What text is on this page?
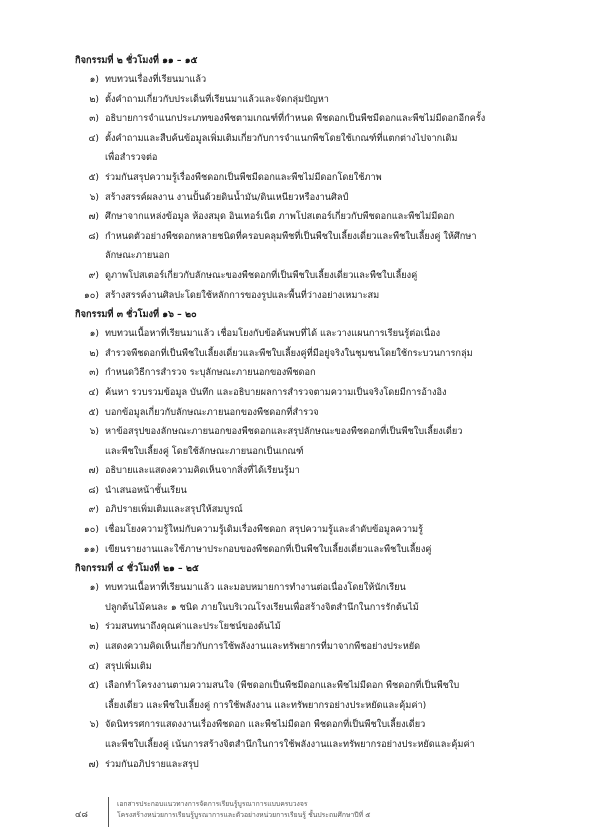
กิจกรรมที่ ๒ ชั่วโมงที่ ๑๑ – ๑๕

๑) ทบทวนเรื่องที่เรียนมาแล้ว
๒) ตั้งคำถามเกี่ยวกับประเด็นที่เรียนมาแล้วและจัดกลุ่มปัญหา
๓) อธิบายการจำแนกประเภทของพืชตามเกณฑ์ที่กำหนด พืชดอกเป็นพืชมีดอกและพืชไม่มีดอกอีกครั้ง
๔) ตั้งคำถามและสืบค้นข้อมูลเพิ่มเติมเกี่ยวกับการจำแนกพืชโดยใช้เกณฑ์ที่แตกต่างไปจากเดิม
เพื่อสำรวจต่อ
๕) ร่วมกันสรุปความรู้เรื่องพืชดอกเป็นพืชมีดอกและพืชไม่มีดอกโดยใช้ภาพ
๖) สร้างสรรค์ผลงาน งานปั้นด้วยดินน้ำมัน/ดินเหนียวหรืองานศิลป์
๗) ศึกษาจากแหล่งข้อมูล ห้องสมุด อินเทอร์เน็ต ภาพโปสเตอร์เกี่ยวกับพืชดอกและพืชไม่มีดอก
๘) กำหนดตัวอย่างพืชดอกหลายชนิดที่ครอบคลุมพืชที่เป็นพืชใบเลี้ยงเดี่ยวและพืชใบเลี้ยงคู่ ให้ศึกษา
ลักษณะภายนอก
๙) ดูภาพโปสเตอร์เกี่ยวกับลักษณะของพืชดอกที่เป็นพืชใบเลี้ยงเดี่ยวและพืชใบเลี้ยงคู่
๑๐) สร้างสรรค์งานศิลปะโดยใช้หลักการของรูปและพื้นที่ว่างอย่างเหมาะสม

กิจกรรมที่ ๓ ชั่วโมงที่ ๑๖ – ๒๐

๑) ทบทวนเนื้อหาที่เรียนมาแล้ว เชื่อมโยงกับข้อค้นพบที่ได้ และวางแผนการเรียนรู้ต่อเนื่อง
๒) สำรวจพืชดอกที่เป็นพืชใบเลี้ยงเดี่ยวและพืชใบเลี้ยงคู่ที่มีอยู่จริงในชุมชนโดยใช้กระบวนการกลุ่ม
๓) กำหนดวิธีการสำรวจ ระบุลักษณะภายนอกของพืชดอก
๔) ค้นหา รวบรวมข้อมูล บันทึก และอธิบายผลการสำรวจตามความเป็นจริงโดยมีการอ้างอิง
๕) บอกข้อมูลเกี่ยวกับลักษณะภายนอกของพืชดอกที่สำรวจ
๖) หาข้อสรุปของลักษณะภายนอกของพืชดอกและสรุปลักษณะของพืชดอกที่เป็นพืชใบเลี้ยงเดี่ยว
และพืชใบเลี้ยงคู่ โดยใช้ลักษณะภายนอกเป็นเกณฑ์
๗) อธิบายและแสดงความคิดเห็นจากสิ่งที่ได้เรียนรู้มา
๘) นำเสนอหน้าชั้นเรียน
๙) อภิปรายเพิ่มเติมและสรุปให้สมบูรณ์
๑๐) เชื่อมโยงความรู้ใหม่กับความรู้เดิมเรื่องพืชดอก สรุปความรู้และลำดับข้อมูลความรู้
๑๑) เขียนรายงานและใช้ภาษาประกอบของพืชดอกที่เป็นพืชใบเลี้ยงเดี่ยวและพืชใบเลี้ยงคู่

กิจกรรมที่ ๔ ชั่วโมงที่ ๒๑ – ๒๕

๑) ทบทวนเนื้อหาที่เรียนมาแล้ว และมอบหมายการทำงานต่อเนื่องโดยให้นักเรียน
ปลูกต้นไม้คนละ ๑ ชนิด ภายในบริเวณโรงเรียนเพื่อสร้างจิตสำนึกในการรักต้นไม้
๒) ร่วมสนทนาถึงคุณค่าและประโยชน์ของต้นไม้
๓) แสดงความคิดเห็นเกี่ยวกับการใช้พลังงานและทรัพยากรที่มาจากพืชอย่างประหยัด
๔) สรุปเพิ่มเติม
๕) เลือกทำโครงงานตามความสนใจ (พืชดอกเป็นพืชมีดอกและพืชไม่มีดอก พืชดอกที่เป็นพืชใบ
เลี้ยงเดี่ยว และพืชใบเลี้ยงคู่ การใช้พลังงาน และทรัพยากรอย่างประหยัดและคุ้มค่า)
๖) จัดนิทรรศการแสดงงานเรื่องพืชดอก และพืชไม่มีดอก พืชดอกที่เป็นพืชใบเลี้ยงเดี่ยว
และพืชใบเลี้ยงคู่ เน้นการสร้างจิตสำนึกในการใช้พลังงานและทรัพยากรอย่างประหยัดและคุ้มค่า
๗) ร่วมกันอภิปรายและสรุป
๔๘
เอกสารประกอบแนวทางการจัดการเรียนรู้บูรณาการแบบครบวงจร
โครงสร้างหน่วยการเรียนรู้บูรณาการและตัวอย่างหน่วยการเรียนรู้ ชั้นประถมศึกษาปีที่ ๕
